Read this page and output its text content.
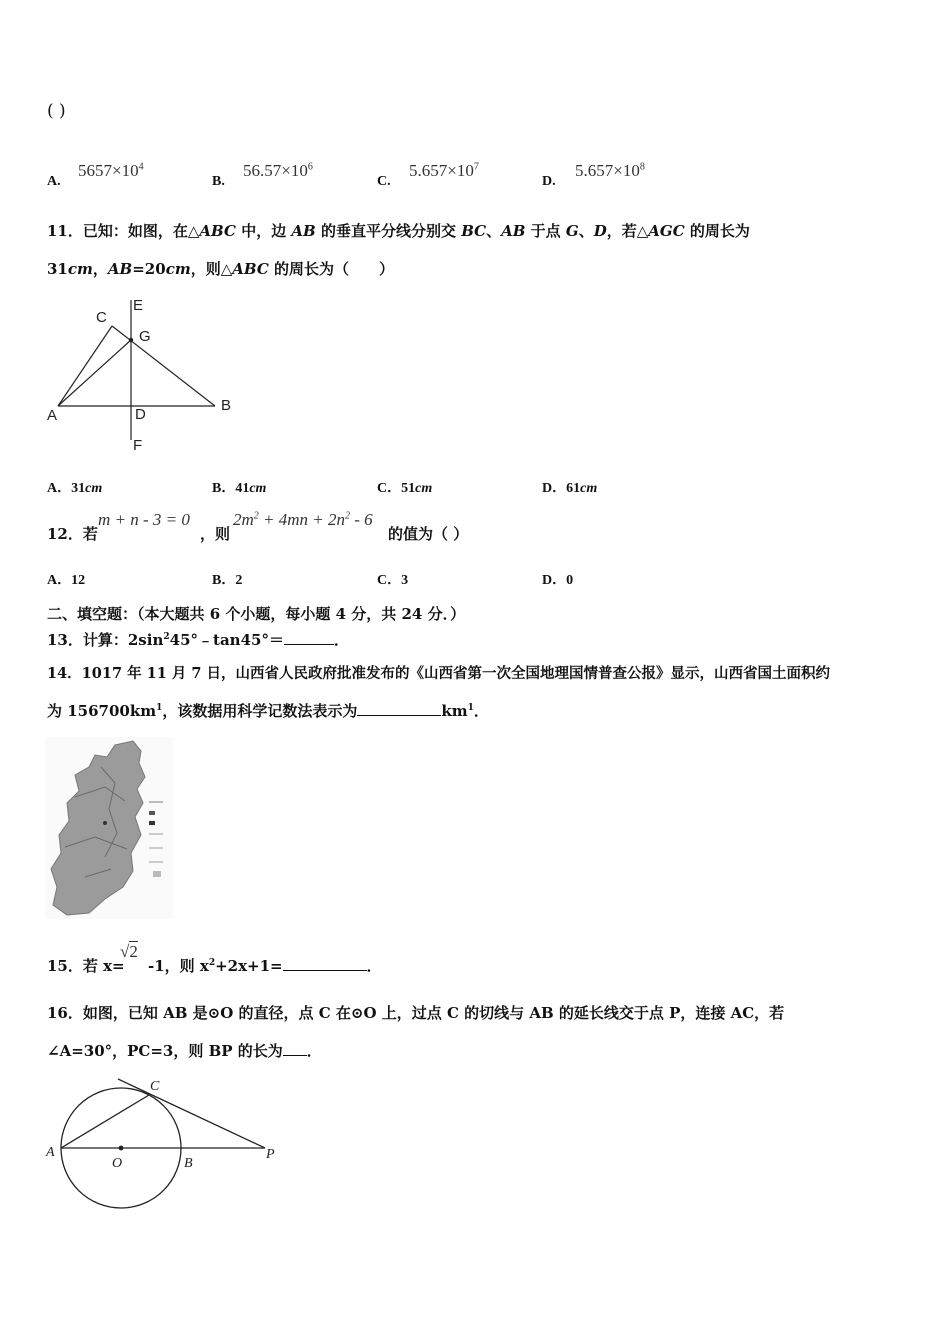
( )
A.
$5657\times 10^4$
B.
$56.57\times 10^6$
C.
$5.657\times 10^7$
D.
$5.657\times 10^8$
11．已知：如图，在△ABC 中，边 AB 的垂直平分线分别交 BC、AB 于点 G、D，若△AGC 的周长为
31cm，AB=20cm，则△ABC 的周长为（　　）
C
E
G
A	D
B
F
A．31cm	B．41cm	C．51cm	D．61cm
12．若
m + n - 3 = 0
，则
$2m^2 + 4mn + 2n^2 - 6$
的值为（ ）
A．12	B．2	C．3	D．0
二、填空题：（本大题共 6 个小题，每小题 4 分，共 24 分．）
13．计算：$2\sin^245^\circ﹣\tan 45^\circ=$	．
14．1017 年 11 月 7 日，山西省人民政府批准发布的《山西省第一次全国地理国情普查公报》显示，山西省国土面积约
为 $156700km^1$，该数据用科学记数法表示为	$km^1$．
15．若 x=
√2
-1，则 $x^2+2x+1=$	．
16．如图，已知 AB 是⊙O 的直径，点 C 在⊙O 上，过点 C 的切线与 AB 的延长线交于点 P，连接 AC，若
∠A=30°，PC=3，则 BP 的长为 ．
C
A
O	B
P
